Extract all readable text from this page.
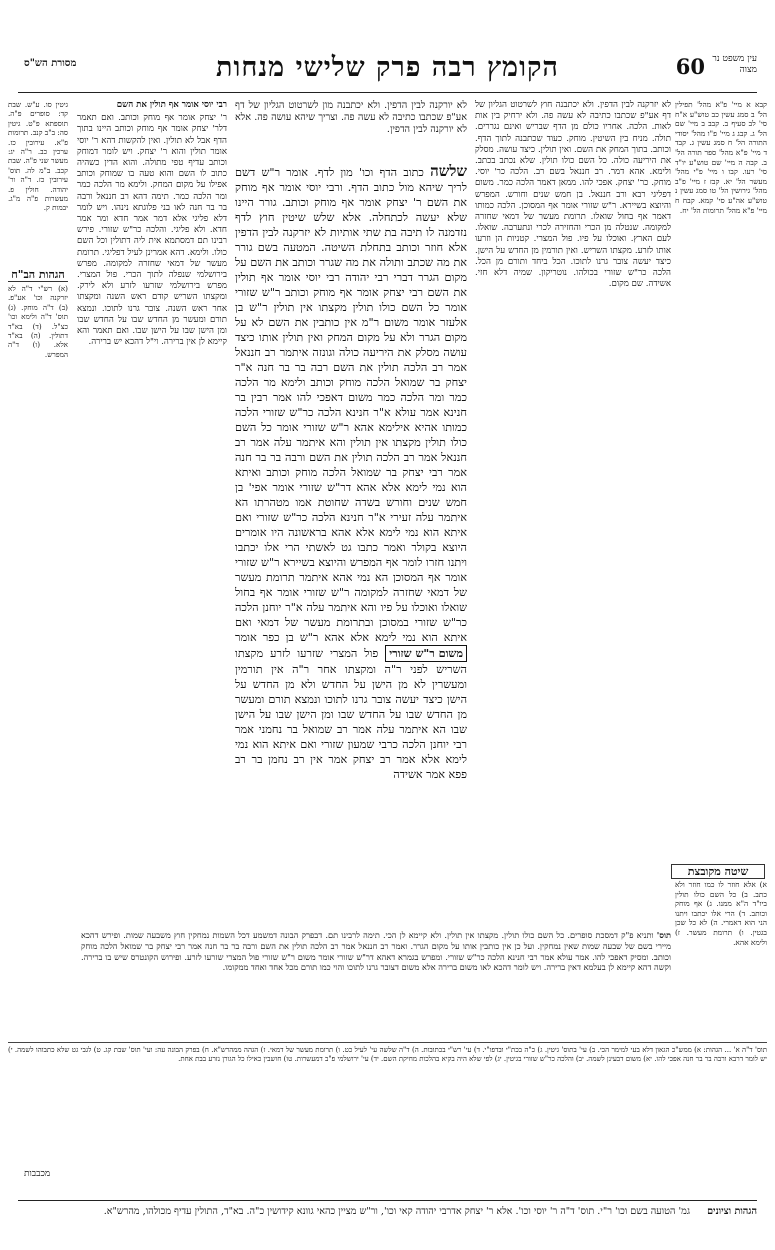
עין משפט נר מצוה
60
הקומץ רבה פרק שלישי מנחות
מסורת הש"ס

קבא א מיי' פ"א מהל' תפילין הל' ב סמג עשין כב טוש"ע א"ח סי' לב סעיף ב. קבב ב מיי' שם הל' ג. קבג ג מיי' פ"ו מהל' יסודי התורה הל' ח סמג עשין ג. קבד ד מיי' פ"א מהל' ספר תורה הל' ב. קבה ה מיי' שם טוש"ע יו"ד סי' רעו. קבו ו מיי' פ"י מהל' מעשר הל' יא. קבז ז מיי' פ"ב מהל' גירושין הל' טו סמג עשין נ טוש"ע אה"ע סי' קמא. קבח ח מיי' פ"א מהל' תרומות הל' יח.

לא יזרקנה לבין הדפין. ולא יכתבנה חוץ לשרטוט הגליון של דף אע"פ שכתבו כתיבה לא עשה פה. ולא ירחיק בין אות לאות. הלכה. אחריו כולם מן הדף שבריש ואינם נגררים. תולה. מניח בין השיטין. מוחק. כעוד שכתבנה לתוך הדף. וכותב. בתוך המחק את השם. ואין תולין. כיצד עושה. מסלק את היריעה כולה. כל השם כולו תולין. שלא נכתב בכתב. ולימא. אהא דמר. רב חננאל בשם רב. הלכה כר' יוסי. מוחק. כר' יצחק. אפכי להו. ממאן דאמר הלכה כמר. משום דפליגי רבא ורב חננאל. בן חמש שנים וחורש. המפרש והיוצא בשיירא. ר"ש שזורי אומר אף המסוכן. הלכה כמותו דאמר אף בחול שואלו. תרומת מעשר של דמאי שחזרה למקומה. שנטלה מן הכרי והחזירה לכרי ונתערבה. שואלו. לעם הארץ. ואוכלו על פיו. פול המצרי. קטניות הן וזרעו אותו לזרע. מקצתו השריש. ואין תורמין מן החדש על הישן. כיצד יעשה צובר גרנו לתוכו. הכל ביחד ותורם מן הכל. הלכה כר"ש שזורי בכולהו. נוטריקון. שמיה דלא חזי. אשידה. שם מקום.

לא יורקנה לבין הדפין. ולא יכתבנה מון לשרטוט הגליון של דף אע"פ שכתבו כתיבה לא עשה פה. וצריך שיהא עושה פה. אלא לא יורקנה לבין הדפין.
שלשה כתוב הדף וכו' מון לדף. אומר ר"ש דשם לריך שיהא מול כתוב הדף. ורבי יוסי אומר אף מוחק את השם ר' יצחק אומר אף מוחק וכותב. גורר היינו שלא יעשה לכתחלה. אלא שלש שיטין חוץ לדף נזדמנה לו תיבה בת שתי אותיות לא יזרקנה לבין הדפין אלא חוזר וכותב בתחלת השיטה. המטעה בשם גורר את מה שכתב ותולה את מה שגרר וכותב את השם על מקום הגרר דברי רבי יהודה רבי יוסי אומר אף תולין את השם רבי יצחק אומר אף מוחק וכותב ר"ש שזורי אומר כל השם כולו תולין מקצתו אין תולין ר"ש בן אלעזר אומר משום ר"מ אין כותבין את השם לא על מקום הגרר ולא על מקום המחק ואין תולין אותו כיצד עושה מסלק את היריעה כולה וגונזה איתמר רב חננאל אמר רב הלכה תולין את השם רבה בר בר חנה א"ר יצחק בר שמואל הלכה מוחק וכותב ולימא מר הלכה כמר ומר הלכה כמר משום דאפכי להו אמר רבין בר חנינא אמר עולא א"ר חנינא הלכה כר"ש שזורי הלכה כמותו אהיא אילימא אהא ר"ש שזורי אומר כל השם כולו תולין מקצתו אין תולין והא איתמר עלה אמר רב חננאל אמר רב הלכה תולין את השם ורבה בר בר חנה אמר רבי יצחק בר שמואל הלכה מוחק וכותב ואיתא הוא נמי לימא אלא אהא דר"ש שזורי אומר אפי' בן חמש שנים וחורש בשדה שחוטת אמו מטהרתו הא איתמר עלה זעירי א"ר חנינא הלכה כר"ש שזורי ואם איתא הוא נמי לימא אלא אהא בראשונה היו אומרים היוצא בקולר ואמר כתבו גט לאשתי הרי אלו יכתבו ויתנו חזרו לומר אף המפרש והיוצא בשיירא ר"ש שזורי אומר אף המסוכן הא נמי אהא איתמר תרומת מעשר של דמאי שחזרה למקומה ר"ש שזורי אומר אף בחול שואלו ואוכלו על פיו והא איתמר עלה א"ר יוחנן הלכה כר"ש שזורי במסוכן ובתרומת מעשר של דמאי ואם איתא הוא נמי לימא אלא אהא ר"ש בן כפר אומר משום ר"ש שזורי פול המצרי שזרעו לזרע מקצתו השריש לפני ר"ה ומקצתו אחר ר"ה אין תורמין ומעשרין לא מן הישן על החדש ולא מן החדש על הישן כיצד יעשה צובר גרנו לתוכו ונמצא תורם ומעשר מן החדש שבו על החדש שבו ומן הישן שבו על הישן שבו הא איתמר עלה אמר רב שמואל בר נחמני אמר רבי יוחנן הלכה כרבי שמעון שזורי ואם איתא הוא נמי לימא אלא אמר רב יצחק אמר אין רב נחמן בר רב פפא אמר אשידה

רבי יוסי אומר אף תולין את השם

ר' יצחק אומר אף מוחק וכותב. ואם תאמר דלר' יצחק אומר אף מוחק וכותב היינו בתוך הדף אבל לא תולין. ואין להקשות דהא ר' יוסי אומר תולין והוא ר' יצחק. ויש לומר דמוחק וכותב עדיף טפי מתולה. והוא הדין כשהיה כתוב לו השם והוא טעה בו שמוחק וכותב אפילו על מקום המחק. ולימא מר הלכה כמר ומר הלכה כמר. תימה דהא רב חננאל ורבה בר בר חנה לאו בני פלוגתא נינהו. ויש לומר דלא פליגי אלא דמר אמר חדא ומר אמר חדא. ולא פליגי. והלכה כר"ש שזורי. פירש רבינו תם דמסתמא אית ליה דתולין וכל השם כולו. ולימא. דהא אמרינן לעיל דפליגי. תרומת מעשר של דמאי שחזרה למקומה. מפרש בירושלמי שנפלה לתוך הכרי. פול המצרי. מפרש בירושלמי שזרעו לזרע ולא לירק. ומקצתו השריש קודם ראש השנה ומקצתו אחר ראש השנה. צובר גרנו לתוכו. ונמצא תורם ומעשר מן החדש שבו על החדש שבו ומן הישן שבו על הישן שבו. ואם תאמר והא קיימא לן אין ברירה. וי"ל דהכא יש ברירה.

גיטין סו. ע"ש. שבת קד: סופרים פ"ה. תוספתא פ"ט. גיטין סה: ב"ב קנב. תרומות פ"א. עירובין כז. ערכין כב. ר"ה יג: מעשר שני פ"ה. שבת קכב. ב"מ לה. תוס' עירובין כז. ד"ה ור' יהודה. חולין פ. מעשרות פ"ה מ"ג. יבמות ק.

הגהות הב"ח

(א) רש"י ד"ה לא יזרקנה וכו' אע"פ. (ב) ד"ה מוחק. (ג) תוס' ד"ה ולימא וכו' כצ"ל. (ד) בא"ד דתולין. (ה) בא"ד אלא. (ו) ד"ה המפרש.

שיטה מקובצת

א) אלא חוזר לו כמו חוזר ולא כתב. ב) כל השם כולו תולין ביו"ד ה"א ממנו. ג) אף מוחק וכותב. ד) הרי אלו יכתבו ויתנו הני הוא דאמרי. ה) לא כל שכן בגטין. ו) תרומת מעשר. ז) ולימא אהא.

תוס' ותניא פ"ק דמסכת סופרים. כל השם כולו תולין. מקצתו אין תולין. ולא קיימא לן הכי. תימה לרבינו תם. דבפרק הבונה דמשמע דכל השמות נמחקין חוץ משבעה שמות. ופירש דהכא מיירי בשם של שבעה שמות שאין נמחקין. ועל כן אין כותבין אותו על מקום הגרר. ואמר רב חננאל אמר רב הלכה תולין את השם ורבה בר בר חנה אמר רבי יצחק בר שמואל הלכה מוחק וכותב. ומסיק דאפכי להו. אמר עולא אמר רבי חנינא הלכה כר"ש שזורי. ומפרש בגמרא דאהא דר"ש שזורי אומר משום ר"ש שזורי פול המצרי שזרעו לזרע. ופירוש הקונטרס שיש בו ברירה. וקשה דהא קיימא לן בעלמא דאין ברירה. ויש לומר דהכא לאו משום ברירה אלא משום דצובר גרנו לתוכו והוי כמו תורם מכל אחד ואחד ממקומו.

תוס' ד"ה א' ... הגהות: א) ממש"כ הגאון דלא בעי למימר הכי. ב) עי' בתוס' גיטין. ג) כ"ה בכת"י ובדפו"י. ד) עי' רש"י בכתובות. ה) ד"ה שלשה עי' לעיל כט. ו) תרומת מעשר של דמאי. ז) הגהה ממהרש"א. ח) בפרק הבונה עה: ועי' תוס' שבת קג. ט) לגבי גט שלא כתבוהו לשמה. י) יש לומר דרבא ורבה בר בר חנה אפכי להו. יא) משום דבעינן לשמה. יב) והלכה כר"ש שזורי בגיטין. יג) לפי שלא היה בקיא בהלכות מחיקת השם. יד) עי' ירושלמי פ"ב דמעשרות. טו) חושבין כאילו כל הגורן נזרע בבת אחת.

מכבבות
הגהות וציונים גמ' הטועה בשם וכו' ר"י. תוס' ד"ה ר' יוסי וכו'. אלא ר' יצחק אדרבי יהודה קאי וכו', ור"ש מציין כהאי גוונא קידושין כ"ה. בא"ד, התולין עדיף מכולהו, מהרש"א.
